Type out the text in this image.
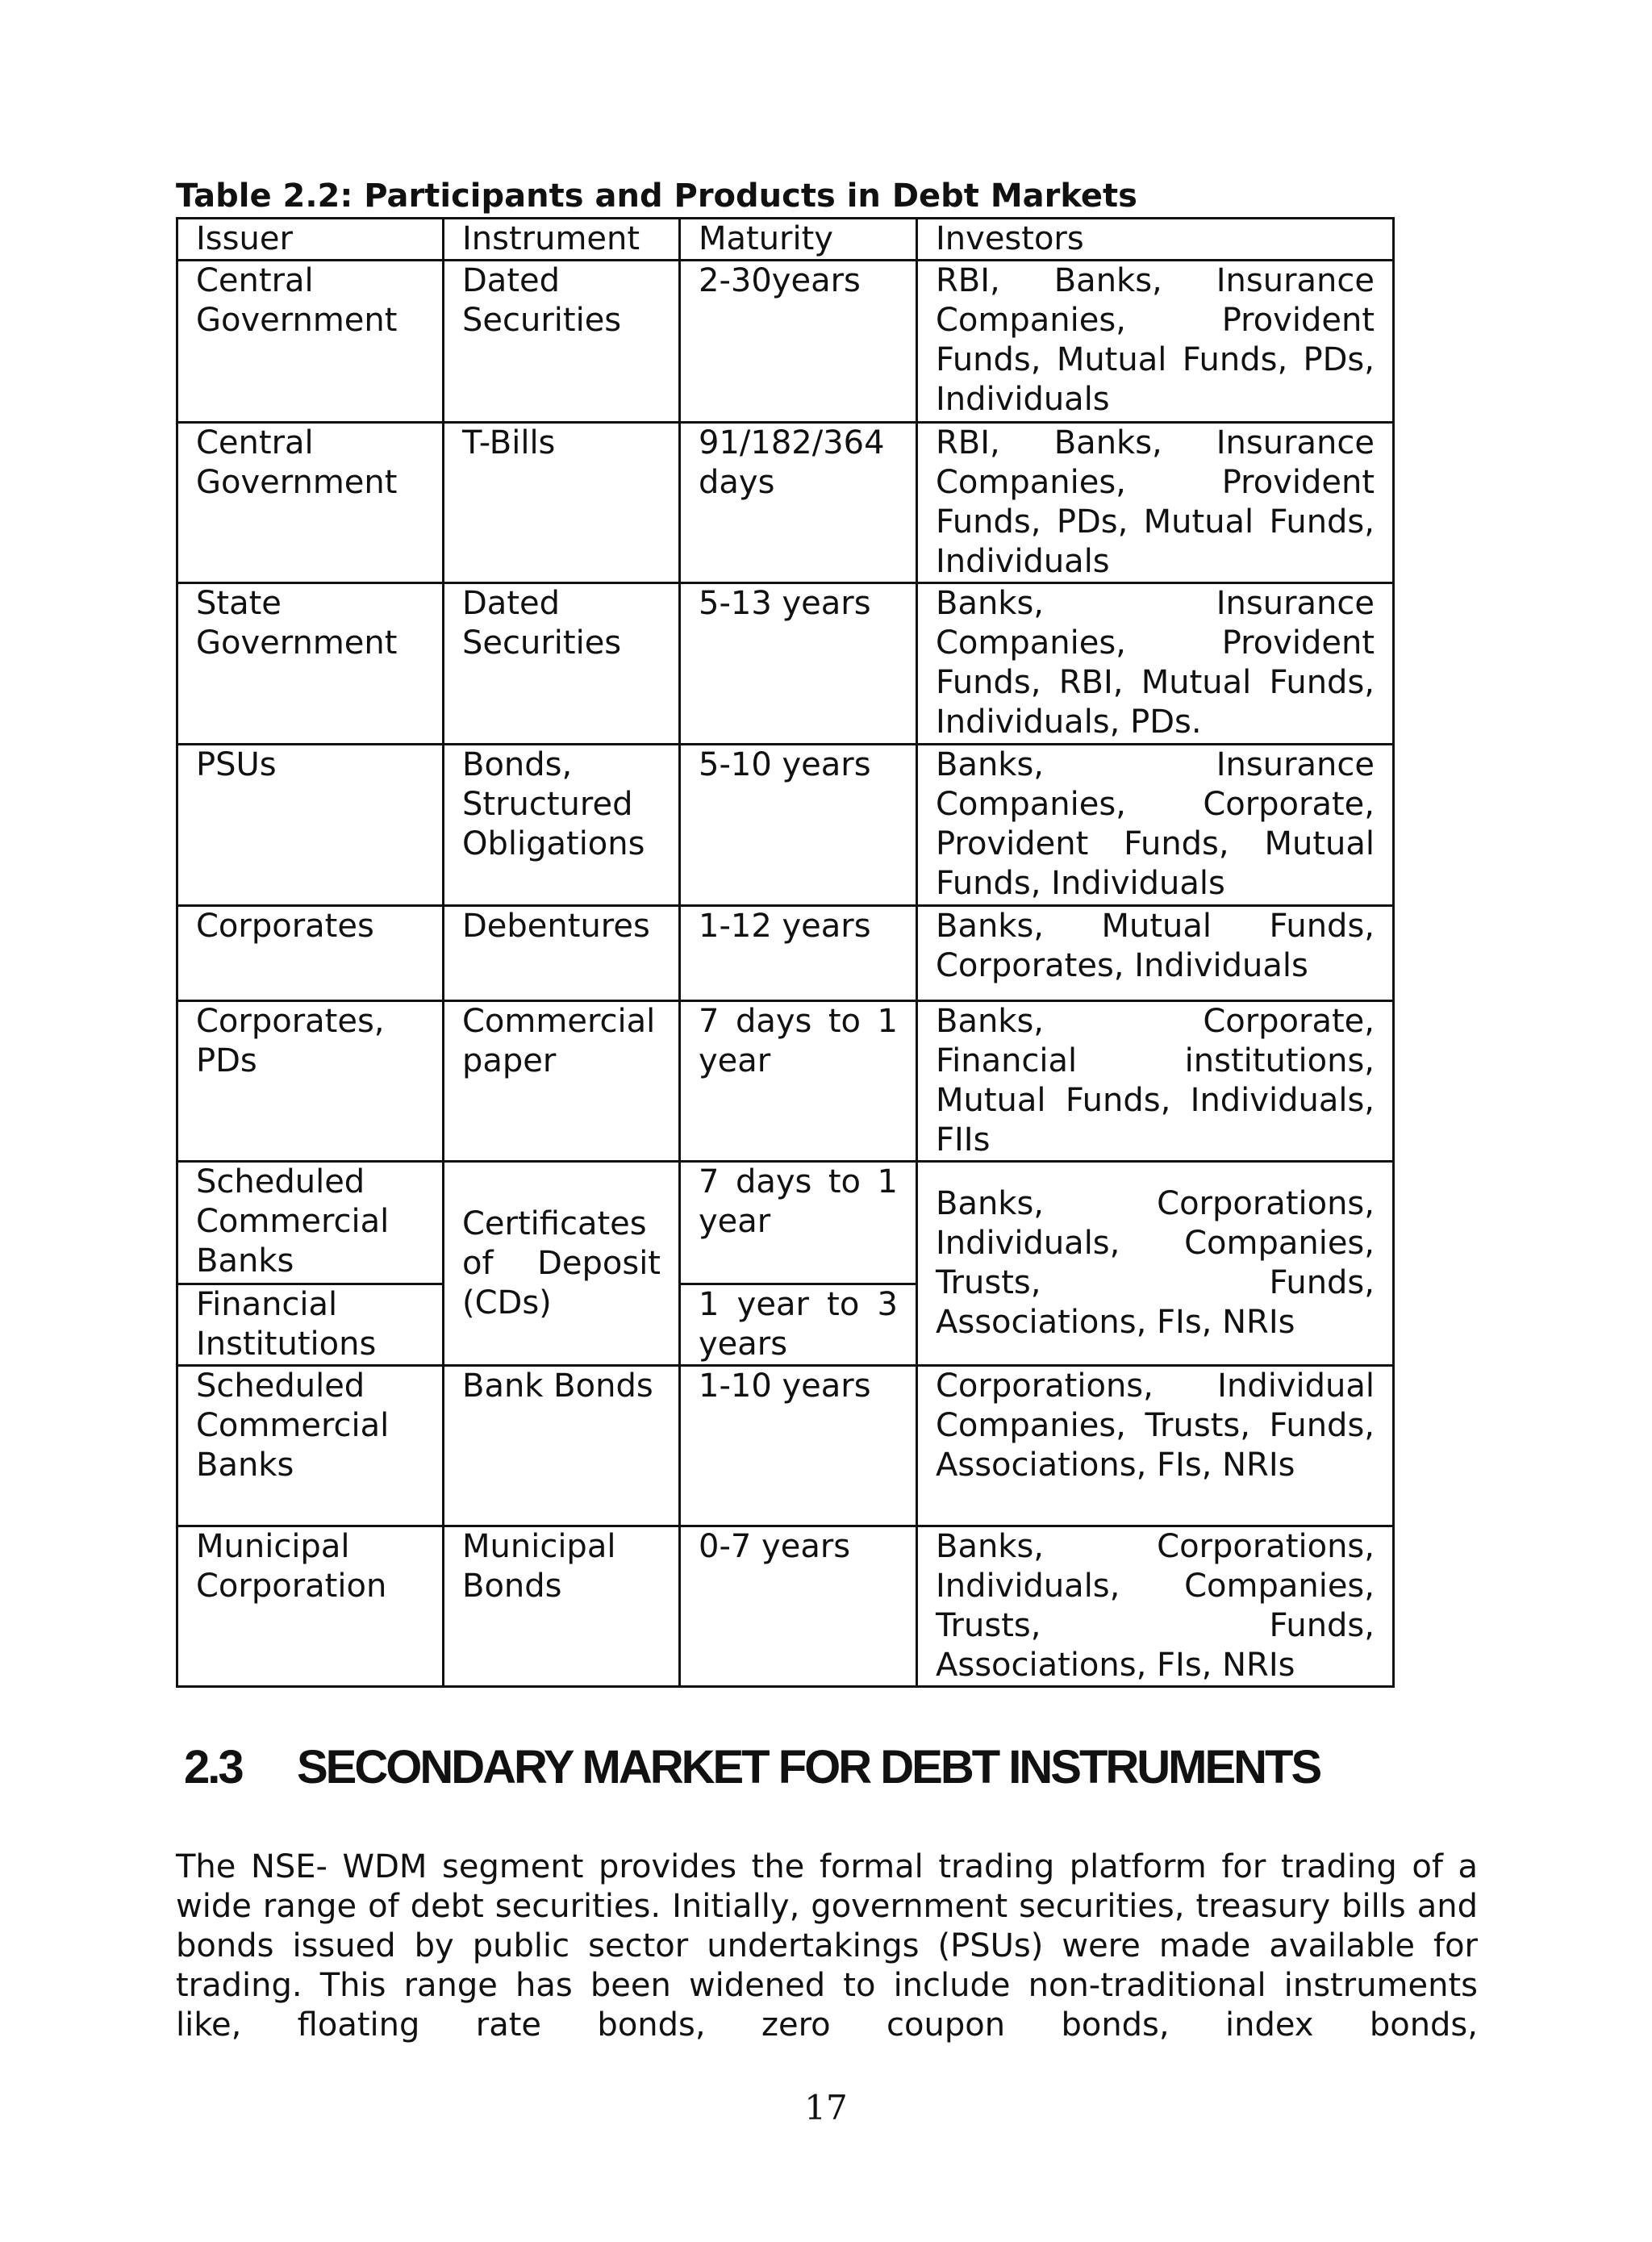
Table 2.2: Participants and Products in Debt Markets
Issuer	Instrument	Maturity	Investors
Central Government	Dated Securities	2-30years	RBI, Banks, Insurance Companies, Provident Funds, Mutual Funds, PDs, Individuals
Central Government	T-Bills	91/182/364 days	RBI, Banks, Insurance Companies, Provident Funds, PDs, Mutual Funds, Individuals
State Government	Dated Securities	5-13 years	Banks, Insurance Companies, Provident Funds, RBI, Mutual Funds, Individuals, PDs.
PSUs	Bonds, Structured Obligations	5-10 years	Banks, Insurance Companies, Corporate, Provident Funds, Mutual Funds, Individuals
Corporates	Debentures	1-12 years	Banks, Mutual Funds, Corporates, Individuals
Corporates, PDs	Commercial paper	7 days to 1 year	Banks, Corporate, Financial institutions, Mutual Funds, Individuals, FIIs
Scheduled Commercial Banks	Certificates of Deposit (CDs)	7 days to 1 year	Banks, Corporations, Individuals, Companies, Trusts, Funds, Associations, FIs, NRIs
Financial Institutions		1 year to 3 years	
Scheduled Commercial Banks	Bank Bonds	1-10 years	Corporations, Individual Companies, Trusts, Funds, Associations, FIs, NRIs
Municipal Corporation	Municipal Bonds	0-7 years	Banks, Corporations, Individuals, Companies, Trusts, Funds, Associations, FIs, NRIs
2.3 SECONDARY MARKET FOR DEBT INSTRUMENTS
The NSE- WDM segment provides the formal trading platform for trading of a wide range of debt securities. Initially, government securities, treasury bills and bonds issued by public sector undertakings (PSUs) were made available for trading. This range has been widened to include non-traditional instruments like, floating rate bonds, zero coupon bonds, index bonds,
17
